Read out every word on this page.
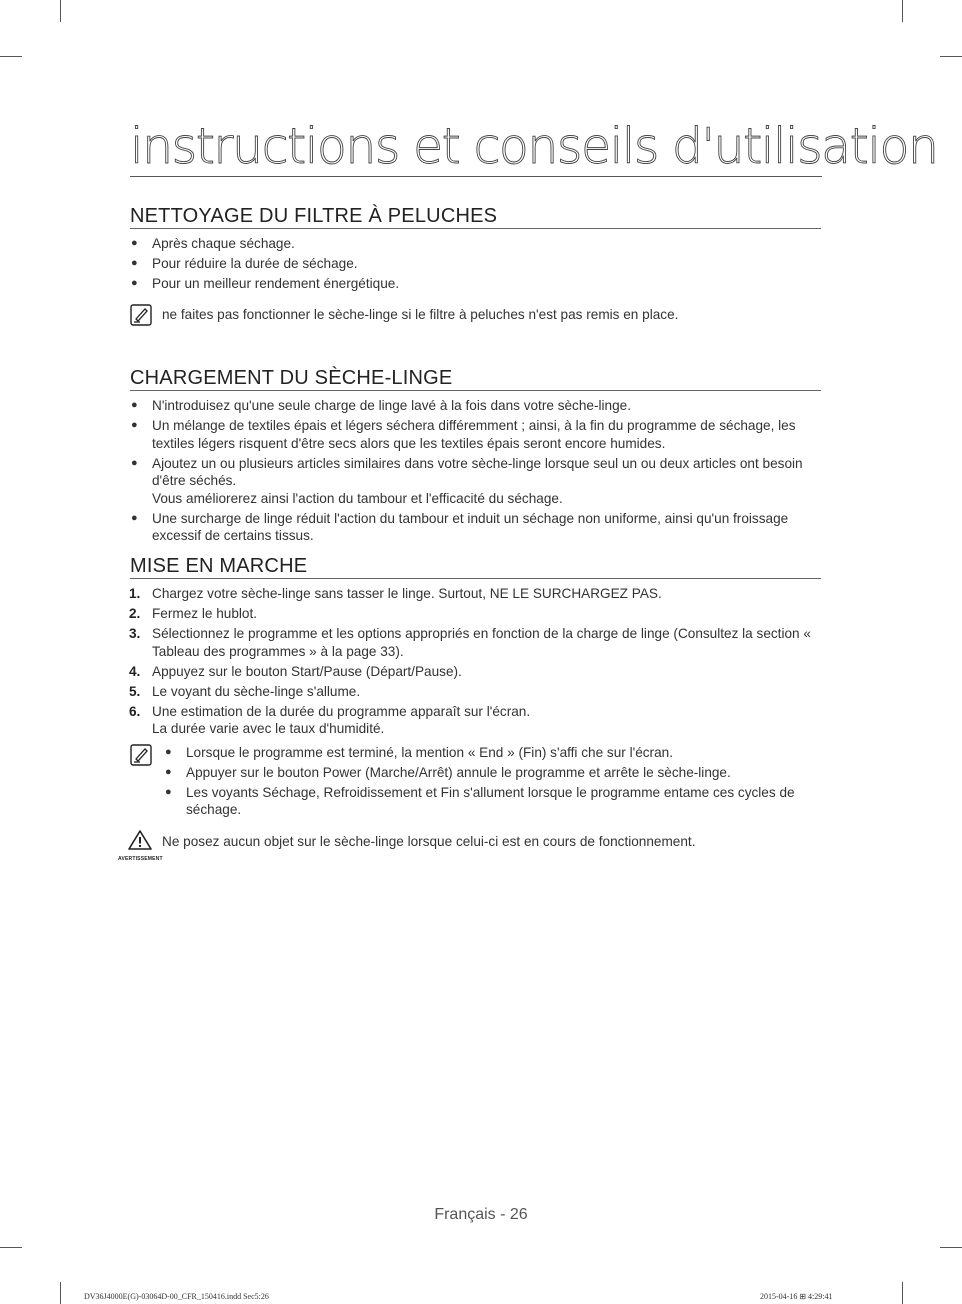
instructions et conseils d'utilisation
NETTOYAGE DU FILTRE À PELUCHES
● Après chaque séchage.
● Pour réduire la durée de séchage.
● Pour un meilleur rendement énergétique.
ne faites pas fonctionner le sèche-linge si le filtre à peluches n'est pas remis en place.
CHARGEMENT DU SÈCHE-LINGE
● N'introduisez qu'une seule charge de linge lavé à la fois dans votre sèche-linge.
● Un mélange de textiles épais et légers séchera différemment ; ainsi, à la fin du programme de séchage, les textiles légers risquent d'être secs alors que les textiles épais seront encore humides.
● Ajoutez un ou plusieurs articles similaires dans votre sèche-linge lorsque seul un ou deux articles ont besoin d'être séchés.
Vous améliorerez ainsi l'action du tambour et l'efficacité du séchage.
● Une surcharge de linge réduit l'action du tambour et induit un séchage non uniforme, ainsi qu'un froissage excessif de certains tissus.
MISE EN MARCHE
1. Chargez votre sèche-linge sans tasser le linge. Surtout, NE LE SURCHARGEZ PAS.
2. Fermez le hublot.
3. Sélectionnez le programme et les options appropriés en fonction de la charge de linge (Consultez la section « Tableau des programmes » à la page 33).
4. Appuyez sur le bouton Start/Pause (Départ/Pause).
5. Le voyant du sèche-linge s'allume.
6. Une estimation de la durée du programme apparaît sur l'écran.
La durée varie avec le taux d'humidité.
● Lorsque le programme est terminé, la mention « End » (Fin) s'affi che sur l'écran.
● Appuyer sur le bouton Power (Marche/Arrêt) annule le programme et arrête le sèche-linge.
● Les voyants Séchage, Refroidissement et Fin s'allument lorsque le programme entame ces cycles de séchage.
AVERTISSEMENT
Ne posez aucun objet sur le sèche-linge lorsque celui-ci est en cours de fonctionnement.
Français - 26
DV36J4000E(G)-03064D-00_CFR_150416.indd Sec5:26	2015-04-16 ⊞ 4:29:41
